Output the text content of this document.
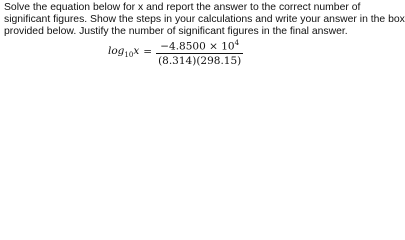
Solve the equation below for x and report the answer to the correct number of
significant figures. Show the steps in your calculations and write your answer in the box
provided below. Justify the number of significant figures in the final answer.
$\log_{10}x = \frac{-4.8500 \times 10^4}{(8.314)(298.15)}$
